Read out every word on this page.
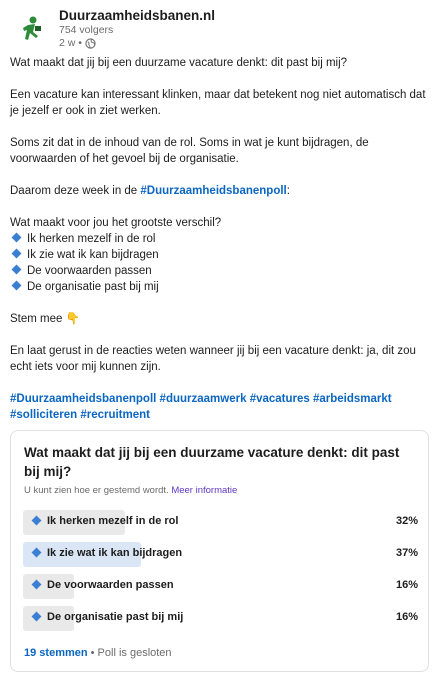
Duurzaamheidsbanen.nl
754 volgers
2 w •

Wat maakt dat jij bij een duurzame vacature denkt: dit past bij mij?

Een vacature kan interessant klinken, maar dat betekent nog niet automatisch dat je jezelf er ook in ziet werken.

Soms zit dat in de inhoud van de rol. Soms in wat je kunt bijdragen, de voorwaarden of het gevoel bij de organisatie.

Daarom deze week in de #Duurzaamheidsbanenpoll:

Wat maakt voor jou het grootste verschil?

Ik herken mezelf in de rol

Ik zie wat ik kan bijdragen

De voorwaarden passen

De organisatie past bij mij

Stem mee 👇

En laat gerust in de reacties weten wanneer jij bij een vacature denkt: ja, dit zou echt iets voor mij kunnen zijn.

#Duurzaamheidsbanenpoll #duurzaamwerk #vacatures #arbeidsmarkt #solliciteren #recruitment
Wat maakt dat jij bij een duurzame vacature denkt: dit past bij mij?
U kunt zien hoe er gestemd wordt. Meer informatie
Ik herken mezelf in de rol	32%
Ik zie wat ik kan bijdragen	37%
De voorwaarden passen	16%
De organisatie past bij mij	16%
19 stemmen • Poll is gesloten
